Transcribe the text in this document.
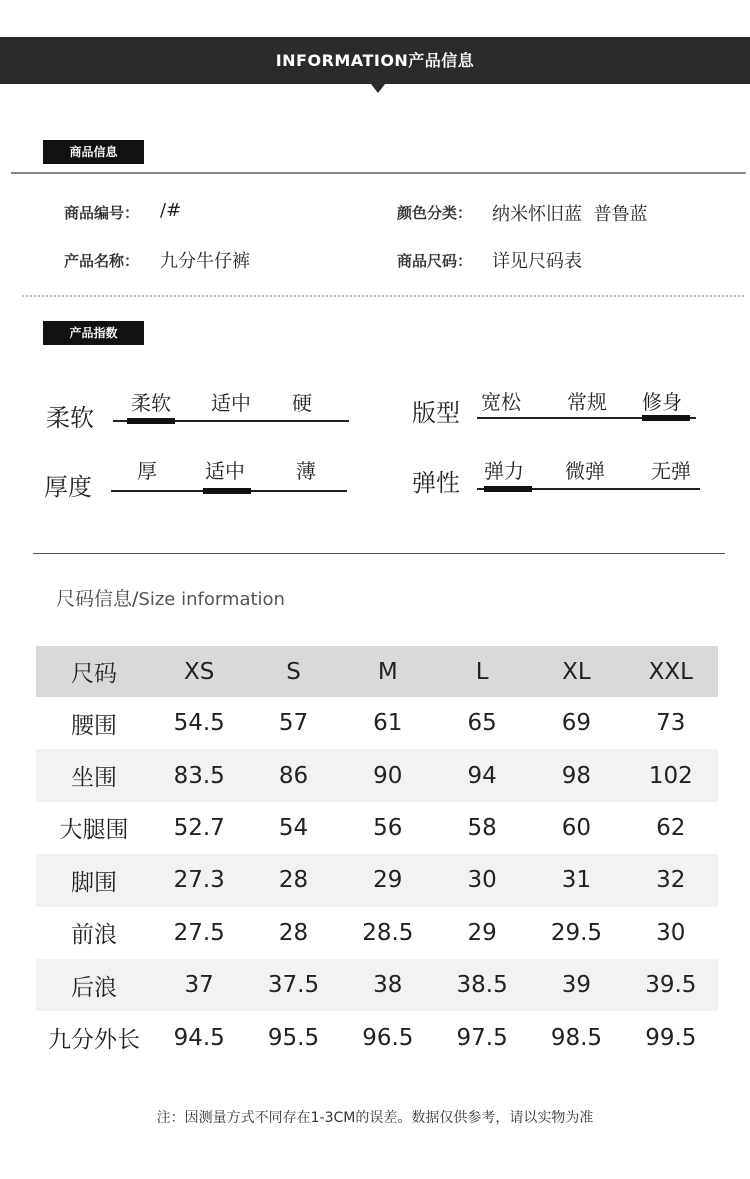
INFORMATION产品信息
商品信息
商品编号： /#	颜色分类： 纳米怀旧蓝  普鲁蓝
产品名称： 九分牛仔裤	商品尺码： 详见尺码表
产品指数
柔软
柔软 适中 硬	版型 宽松 常规 修身
厚度
厚 适中	薄	弹性 弹力 微弹 无弹
尺码信息/Size information
尺码	XS	S	M	L	XL	XXL
腰围	54.5	57	61	65	69	73
坐围	83.5	86	90	94	98	102
大腿围	52.7	54	56	58	60	62
脚围	27.3	28	29	30	31	32
前浪	27.5	28	28.5	29	29.5	30
后浪	37	37.5	38	38.5	39	39.5
九分外长	94.5	95.5	96.5	97.5	98.5	99.5
注：因测量方式不同存在1-3CM的误差。数据仅供参考，请以实物为准
